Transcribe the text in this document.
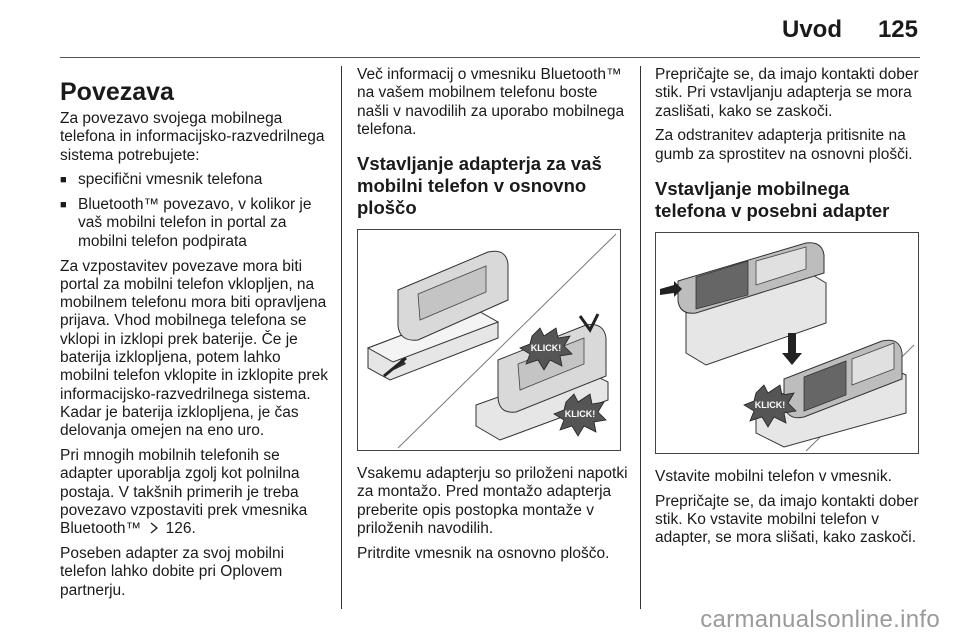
Uvod 125
Povezava

Za povezavo svojega mobilnega telefona in informacijsko-razvedrilnega sistema potrebujete:

■ specifični vmesnik telefona
■ Bluetooth™ povezavo, v kolikor je vaš mobilni telefon in portal za mobilni telefon podpirata

Za vzpostavitev povezave mora biti portal za mobilni telefon vklopljen, na mobilnem telefonu mora biti opravljena prijava. Vhod mobilnega telefona se vklopi in izklopi prek baterije. Če je baterija izklopljena, potem lahko mobilni telefon vklopite in izklopite prek informacijsko-razvedrilnega sistema. Kadar je baterija izklopljena, je čas delovanja omejen na eno uro.

Pri mnogih mobilnih telefonih se adapter uporablja zgolj kot polnilna postaja. V takšnih primerih je treba povezavo vzpostaviti prek vmesnika Bluetooth™ 126.

Poseben adapter za svoj mobilni telefon lahko dobite pri Oplovem partnerju.

Več informacij o vmesniku Bluetooth™ na vašem mobilnem telefonu boste našli v navodilih za uporabo mobilnega telefona.

Vstavljanje adapterja za vaš mobilni telefon v osnovno ploščo
KLICK!
KLICK!

Vsakemu adapterju so priloženi napotki za montažo. Pred montažo adapterja preberite opis postopka montaže v priloženih navodilih.

Pritrdite vmesnik na osnovno ploščo.

Prepričajte se, da imajo kontakti dober stik. Pri vstavljanju adapterja se mora zaslišati, kako se zaskoči.

Za odstranitev adapterja pritisnite na gumb za sprostitev na osnovni plošči.

Vstavljanje mobilnega telefona v posebni adapter
KLICK!

Vstavite mobilni telefon v vmesnik.

Prepričajte se, da imajo kontakti dober stik. Ko vstavite mobilni telefon v adapter, se mora slišati, kako zaskoči.

carmanualsonline.info
